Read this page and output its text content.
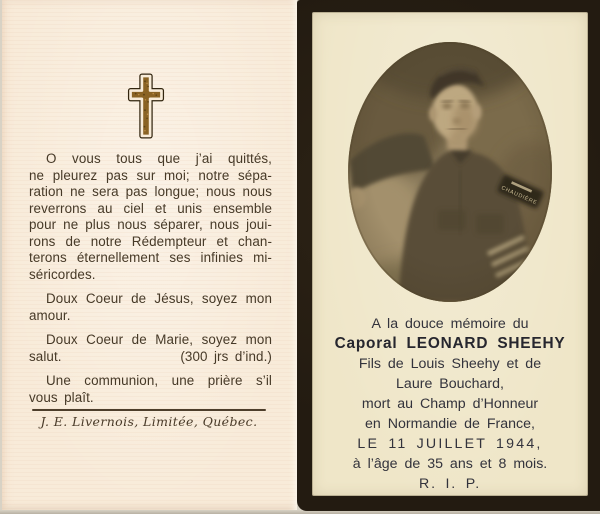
O vous tous que j’ai quittés,
ne pleurez pas sur moi; notre sépa-
ration ne sera pas longue; nous nous
reverrons au ciel et unis ensemble
pour ne plus nous séparer, nous joui-
rons de notre Rédempteur et chan-
terons éternellement ses infinies mi-
séricordes.
Doux Coeur de Jésus, soyez mon
amour.
Doux Coeur de Marie, soyez mon
salut.	(300 jrs d’ind.)
Une communion, une prière s’il
vous plaît.
J. E. Livernois, Limitée, Québec.
A la douce mémoire du
Caporal LEONARD SHEEHY
Fils de Louis Sheehy et de
Laure Bouchard,
mort au Champ d’Honneur
en Normandie de France,
LE 11 JUILLET 1944,
à l’âge de 35 ans et 8 mois.
R. I. P.
